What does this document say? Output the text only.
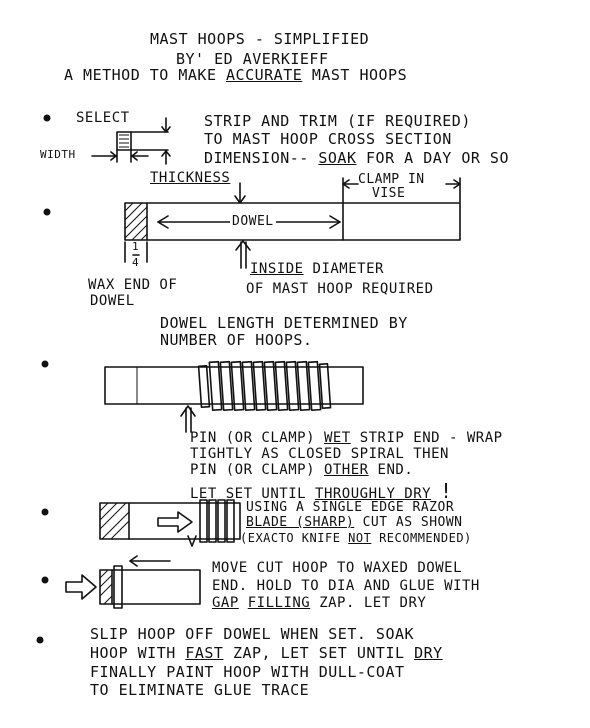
MAST HOOPS - SIMPLIFIED
BY' ED AVERKIEFF
A METHOD TO MAKE ACCURATE MAST HOOPS
SELECT
WIDTH
STRIP AND TRIM (IF REQUIRED)
TO MAST HOOP CROSS SECTION
DIMENSION-- SOAK FOR A DAY OR SO
THICKNESS	CLAMP IN
VISE
DOWEL
1
4
WAX END OF
DOWEL
INSIDE DIAMETER
OF MAST HOOP REQUIRED
DOWEL LENGTH DETERMINED BY
NUMBER OF HOOPS.
PIN (OR CLAMP) WET STRIP END - WRAP
TIGHTLY AS CLOSED SPIRAL THEN
PIN (OR CLAMP) OTHER END.
LET SET UNTIL THROUGHLY DRY !
USING A SINGLE EDGE RAZOR
BLADE (SHARP) CUT AS SHOWN
(EXACTO KNIFE NOT RECOMMENDED)
MOVE CUT HOOP TO WAXED DOWEL
END. HOLD TO DIA AND GLUE WITH
GAP FILLING ZAP. LET DRY
SLIP HOOP OFF DOWEL WHEN SET. SOAK
HOOP WITH FAST ZAP, LET SET UNTIL DRY
FINALLY PAINT HOOP WITH DULL-COAT
TO ELIMINATE GLUE TRACE
